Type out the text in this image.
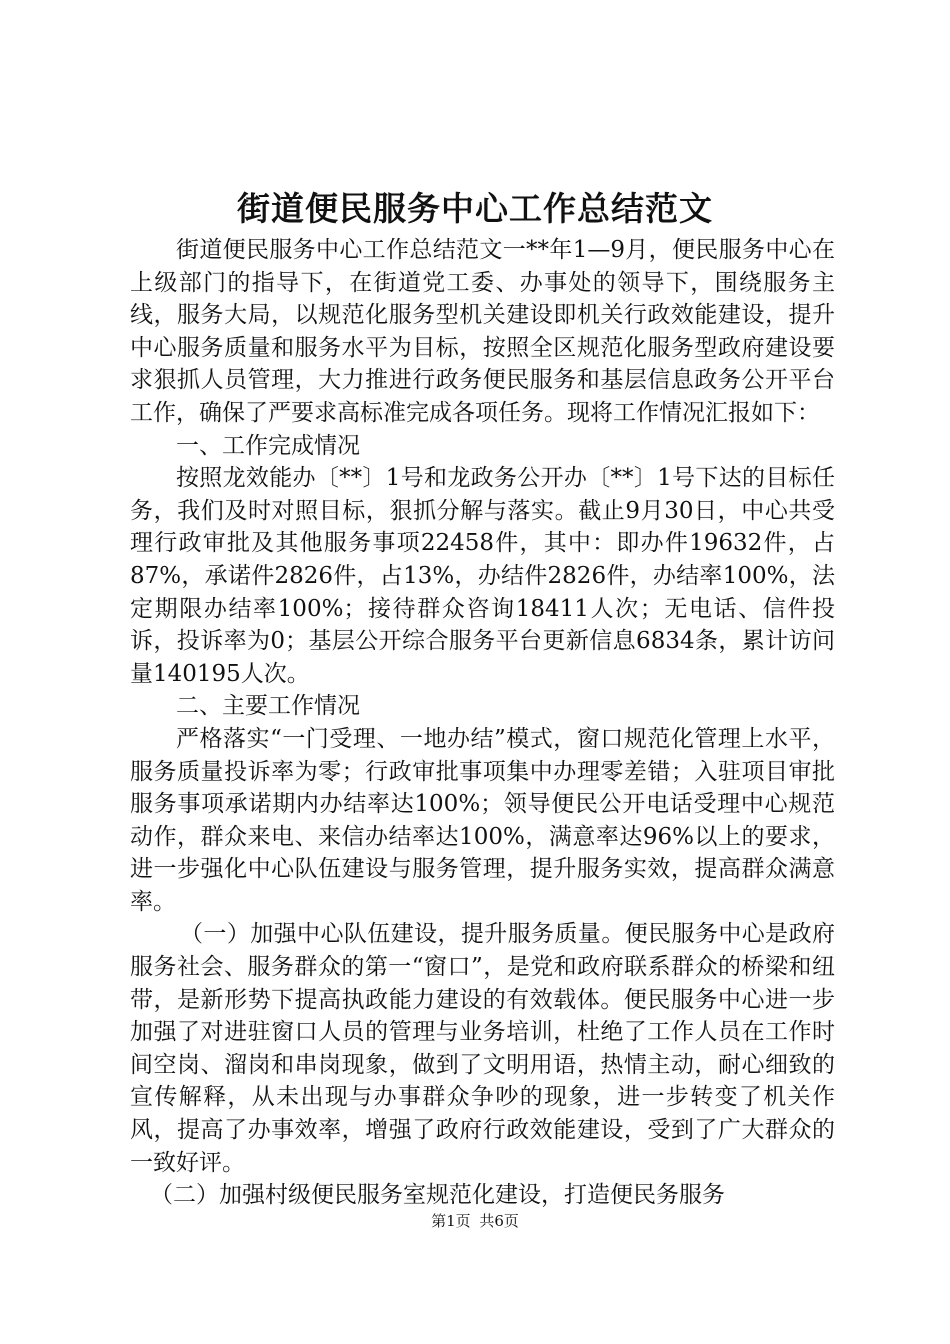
街道便民服务中心工作总结范文

街道便民服务中心工作总结范文一**年1—9月，便民服务中心在上级部门的指导下，在街道党工委、办事处的领导下，围绕服务主线，服务大局，以规范化服务型机关建设即机关行政效能建设，提升中心服务质量和服务水平为目标，按照全区规范化服务型政府建设要求狠抓人员管理，大力推进行政务便民服务和基层信息政务公开平台工作，确保了严要求高标准完成各项任务。现将工作情况汇报如下：

一、工作完成情况

按照龙效能办〔**〕1号和龙政务公开办〔**〕1号下达的目标任务，我们及时对照目标，狠抓分解与落实。截止9月30日，中心共受理行政审批及其他服务事项22458件，其中：即办件19632件，占87%，承诺件2826件，占13%，办结件2826件，办结率100%，法定期限办结率100%；接待群众咨询18411人次；无电话、信件投诉，投诉率为0；基层公开综合服务平台更新信息6834条，累计访问量140195人次。

二、主要工作情况

严格落实“一门受理、一地办结”模式，窗口规范化管理上水平，服务质量投诉率为零；行政审批事项集中办理零差错；入驻项目审批服务事项承诺期内办结率达100%；领导便民公开电话受理中心规范动作，群众来电、来信办结率达100%，满意率达96%以上的要求，进一步强化中心队伍建设与服务管理，提升服务实效，提高群众满意率。

（一）加强中心队伍建设，提升服务质量。便民服务中心是政府服务社会、服务群众的第一“窗口”，是党和政府联系群众的桥梁和纽带，是新形势下提高执政能力建设的有效载体。便民服务中心进一步加强了对进驻窗口人员的管理与业务培训，杜绝了工作人员在工作时间空岗、溜岗和串岗现象，做到了文明用语，热情主动，耐心细致的宣传解释，从未出现与办事群众争吵的现象，进一步转变了机关作风，提高了办事效率，增强了政府行政效能建设，受到了广大群众的一致好评。

（二）加强村级便民服务室规范化建设，打造便民务服务

第1页 共6页
